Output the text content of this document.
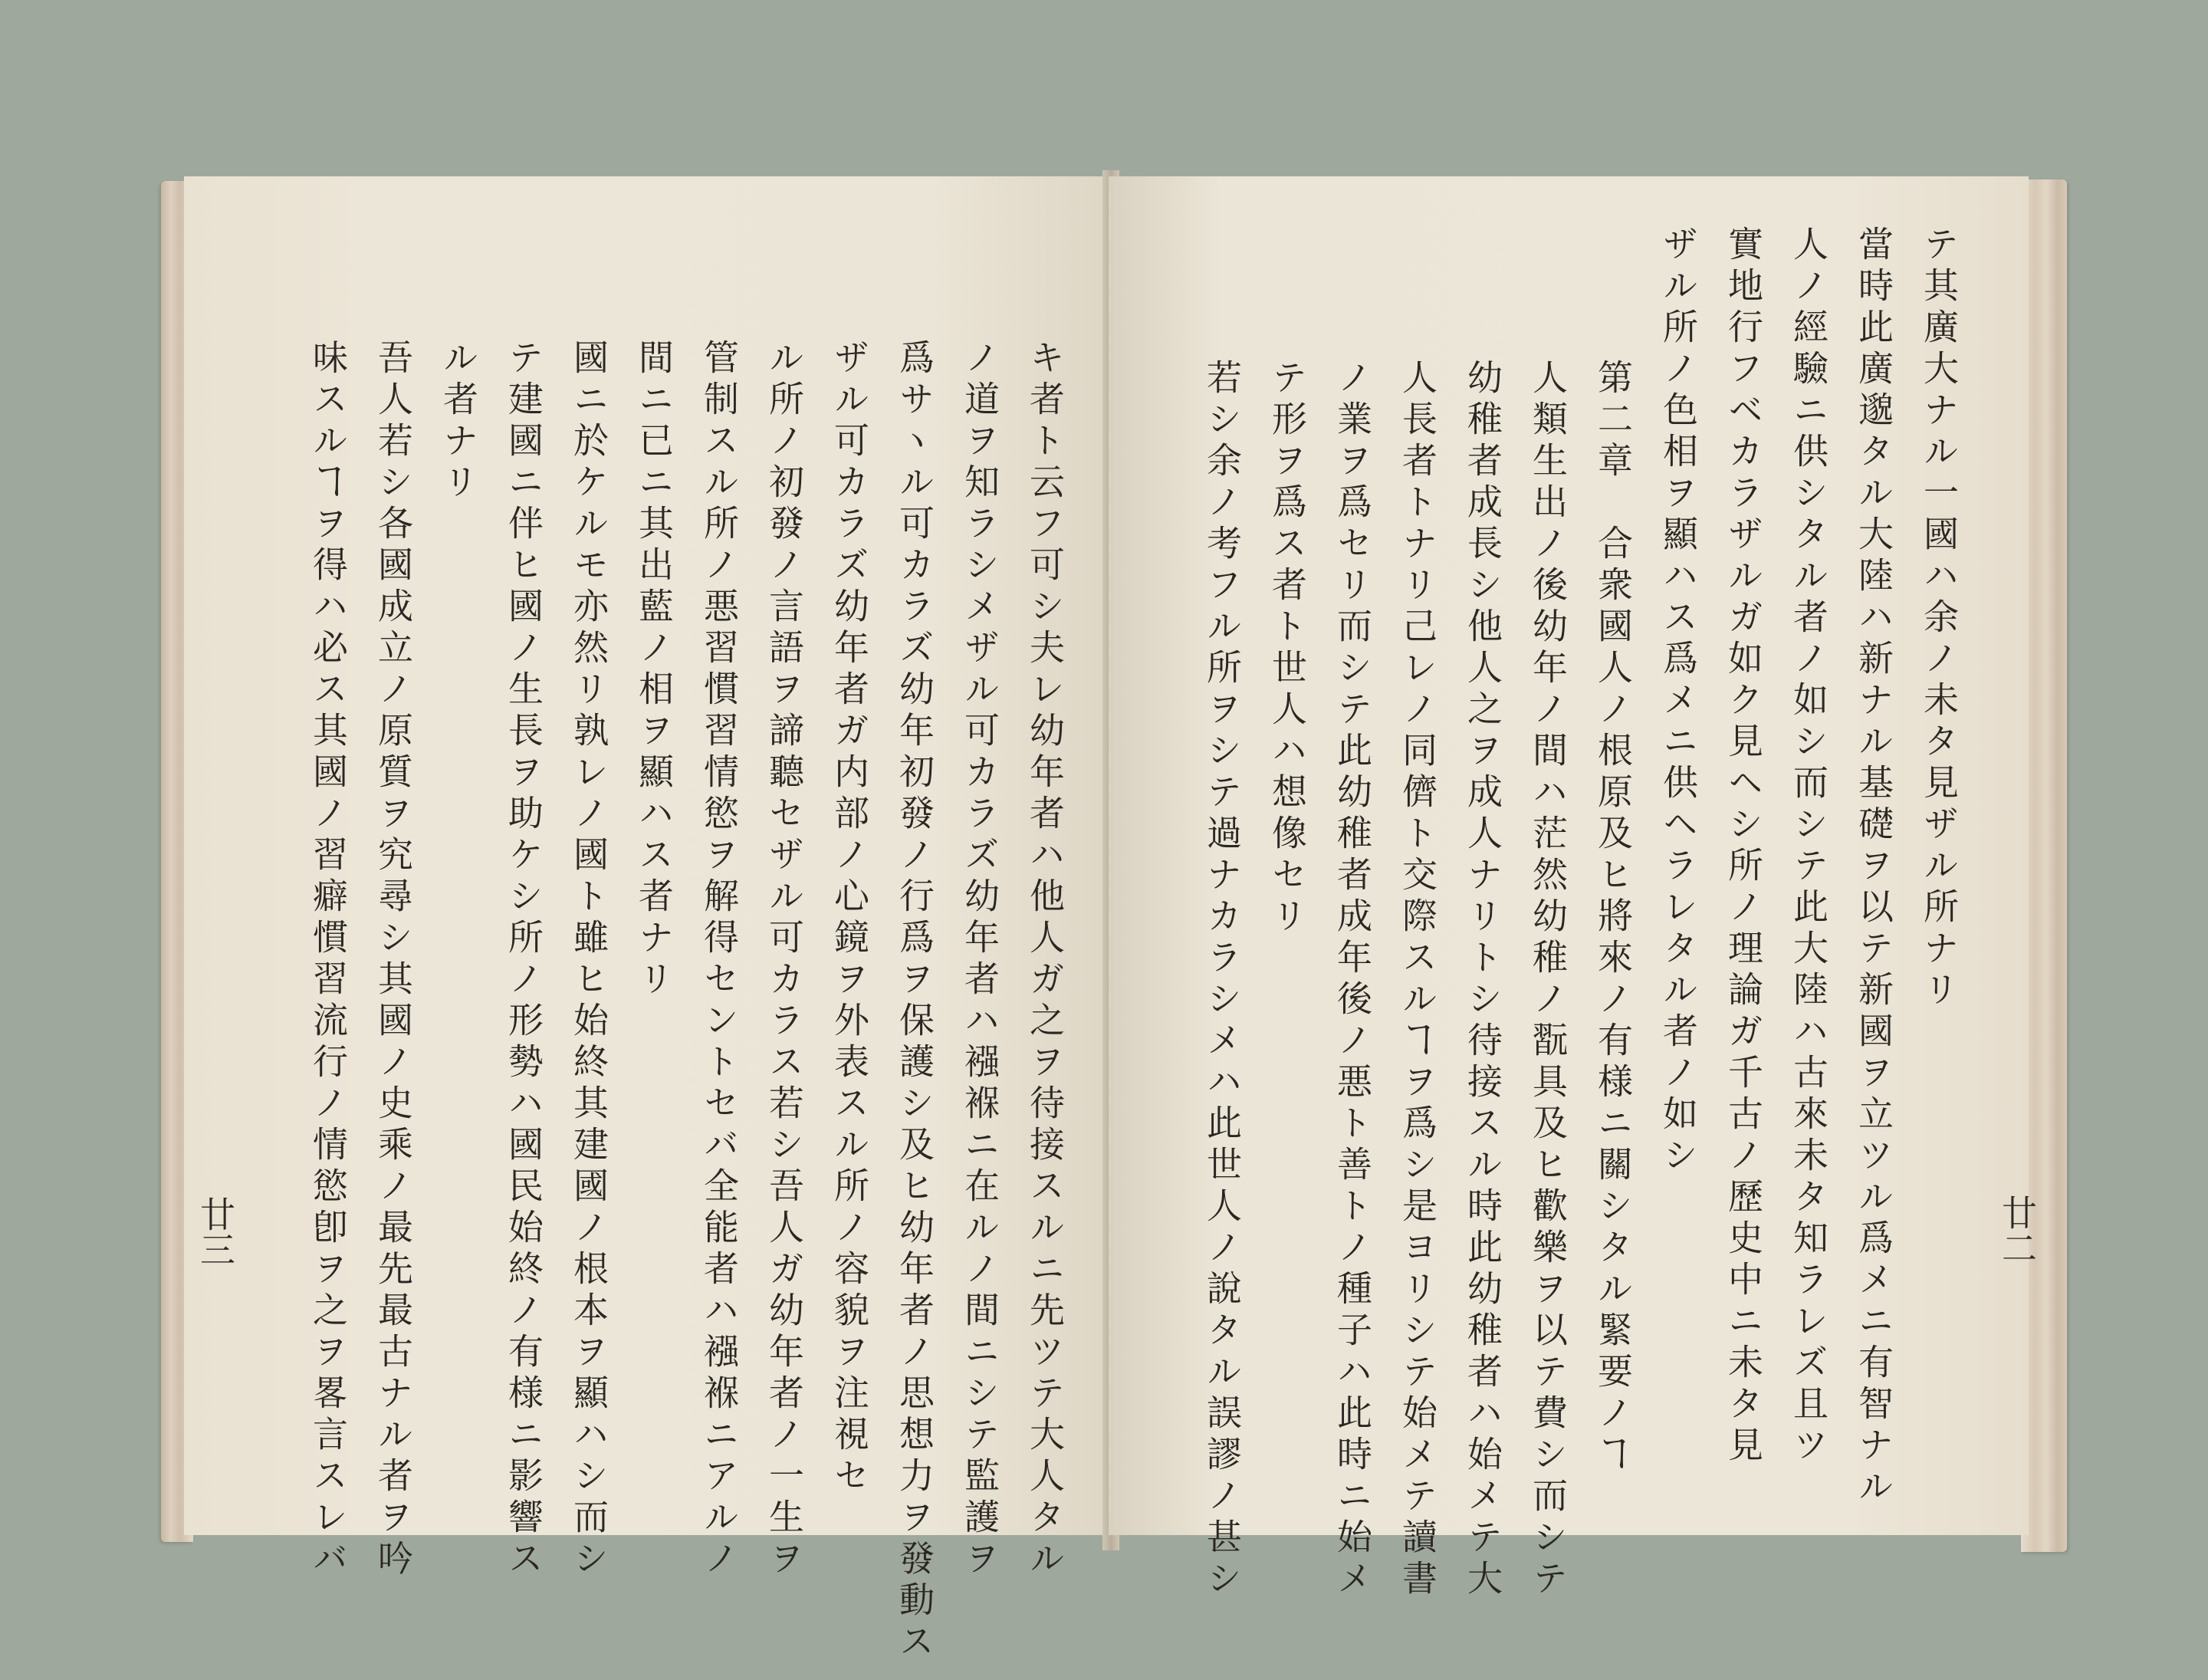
キ者ト云フ可シ夫レ幼年者ハ他人ガ之ヲ待接スルニ先ツテ大人タル
ノ道ヲ知ラシメザル可カラズ幼年者ハ襁褓ニ在ルノ間ニシテ監護ヲ
爲サヽル可カラズ幼年初發ノ行爲ヲ保護シ及ヒ幼年者ノ思想力ヲ發動ス
ザル可カラズ幼年者ガ内部ノ心鏡ヲ外表スル所ノ容貌ヲ注視セ
ル所ノ初發ノ言語ヲ諦聽セザル可カラス若シ吾人ガ幼年者ノ一生ヲ
管制スル所ノ悪習慣習情慾ヲ解得セントセバ全能者ハ襁褓ニアルノ
間ニ已ニ其出藍ノ相ヲ顯ハス者ナリ
國ニ於ケルモ亦然リ孰レノ國ト雖ヒ始終其建國ノ根本ヲ顯ハシ而シ
テ建國ニ伴ヒ國ノ生長ヲ助ケシ所ノ形勢ハ國民始終ノ有様ニ影響ス
ル者ナリ
吾人若シ各國成立ノ原質ヲ究尋シ其國ノ史乘ノ最先最古ナル者ヲ吟
味スルヿヲ得ハ必ス其國ノ習癖慣習流行ノ情慾卽ヲ之ヲ畧言スレバ
廿三
テ其廣大ナル一國ハ余ノ未タ見ザル所ナリ
當時此廣邈タル大陸ハ新ナル基礎ヲ以テ新國ヲ立ツル爲メニ有智ナル
人ノ經驗ニ供シタル者ノ如シ而シテ此大陸ハ古來未タ知ラレズ且ツ
實地行フベカラザルガ如ク見ヘシ所ノ理論ガ千古ノ歷史中ニ未タ見
ザル所ノ色相ヲ顯ハス爲メニ供ヘラレタル者ノ如シ
第二章　合衆國人ノ根原及ヒ將來ノ有様ニ關シタル緊要ノヿ
人類生出ノ後幼年ノ間ハ茫然幼稚ノ翫具及ヒ歡樂ヲ以テ費シ而シテ
幼稚者成長シ他人之ヲ成人ナリトシ待接スル時此幼稚者ハ始メテ大
人長者トナリ己レノ同儕ト交際スルヿヲ爲シ是ヨリシテ始メテ讀書
ノ業ヲ爲セリ而シテ此幼稚者成年後ノ悪ト善トノ種子ハ此時ニ始メ
テ形ヲ爲ス者ト世人ハ想像セリ
若シ余ノ考フル所ヲシテ過ナカラシメハ此世人ノ說タル誤謬ノ甚シ	廿二
